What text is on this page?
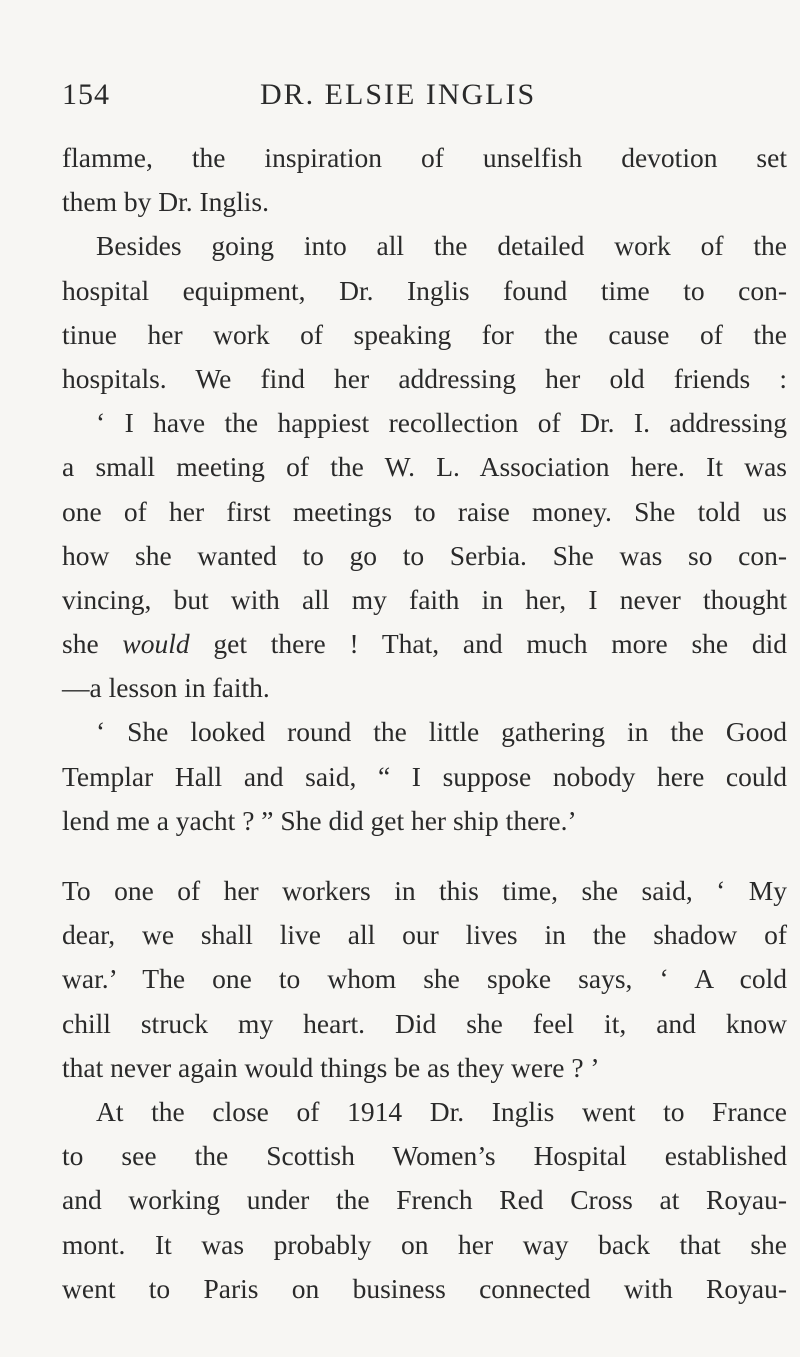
154	DR. ELSIE INGLIS
flamme, the inspiration of unselfish devotion set
them by Dr. Inglis.
Besides going into all the detailed work of the
hospital equipment, Dr. Inglis found time to con-
tinue her work of speaking for the cause of the
hospitals. We find her addressing her old friends :
‘ I have the happiest recollection of Dr. I. addressing
a small meeting of the W. L. Association here. It was
one of her first meetings to raise money. She told us
how she wanted to go to Serbia. She was so con-
vincing, but with all my faith in her, I never thought
she would get there ! That, and much more she did
—a lesson in faith.
‘ She looked round the little gathering in the Good
Templar Hall and said, “ I suppose nobody here could
lend me a yacht ? ” She did get her ship there.’
To one of her workers in this time, she said, ‘ My
dear, we shall live all our lives in the shadow of
war.’ The one to whom she spoke says, ‘ A cold
chill struck my heart. Did she feel it, and know
that never again would things be as they were ? ’
At the close of 1914 Dr. Inglis went to France
to see the Scottish Women’s Hospital established
and working under the French Red Cross at Royau-
mont. It was probably on her way back that she
went to Paris on business connected with Royau-
